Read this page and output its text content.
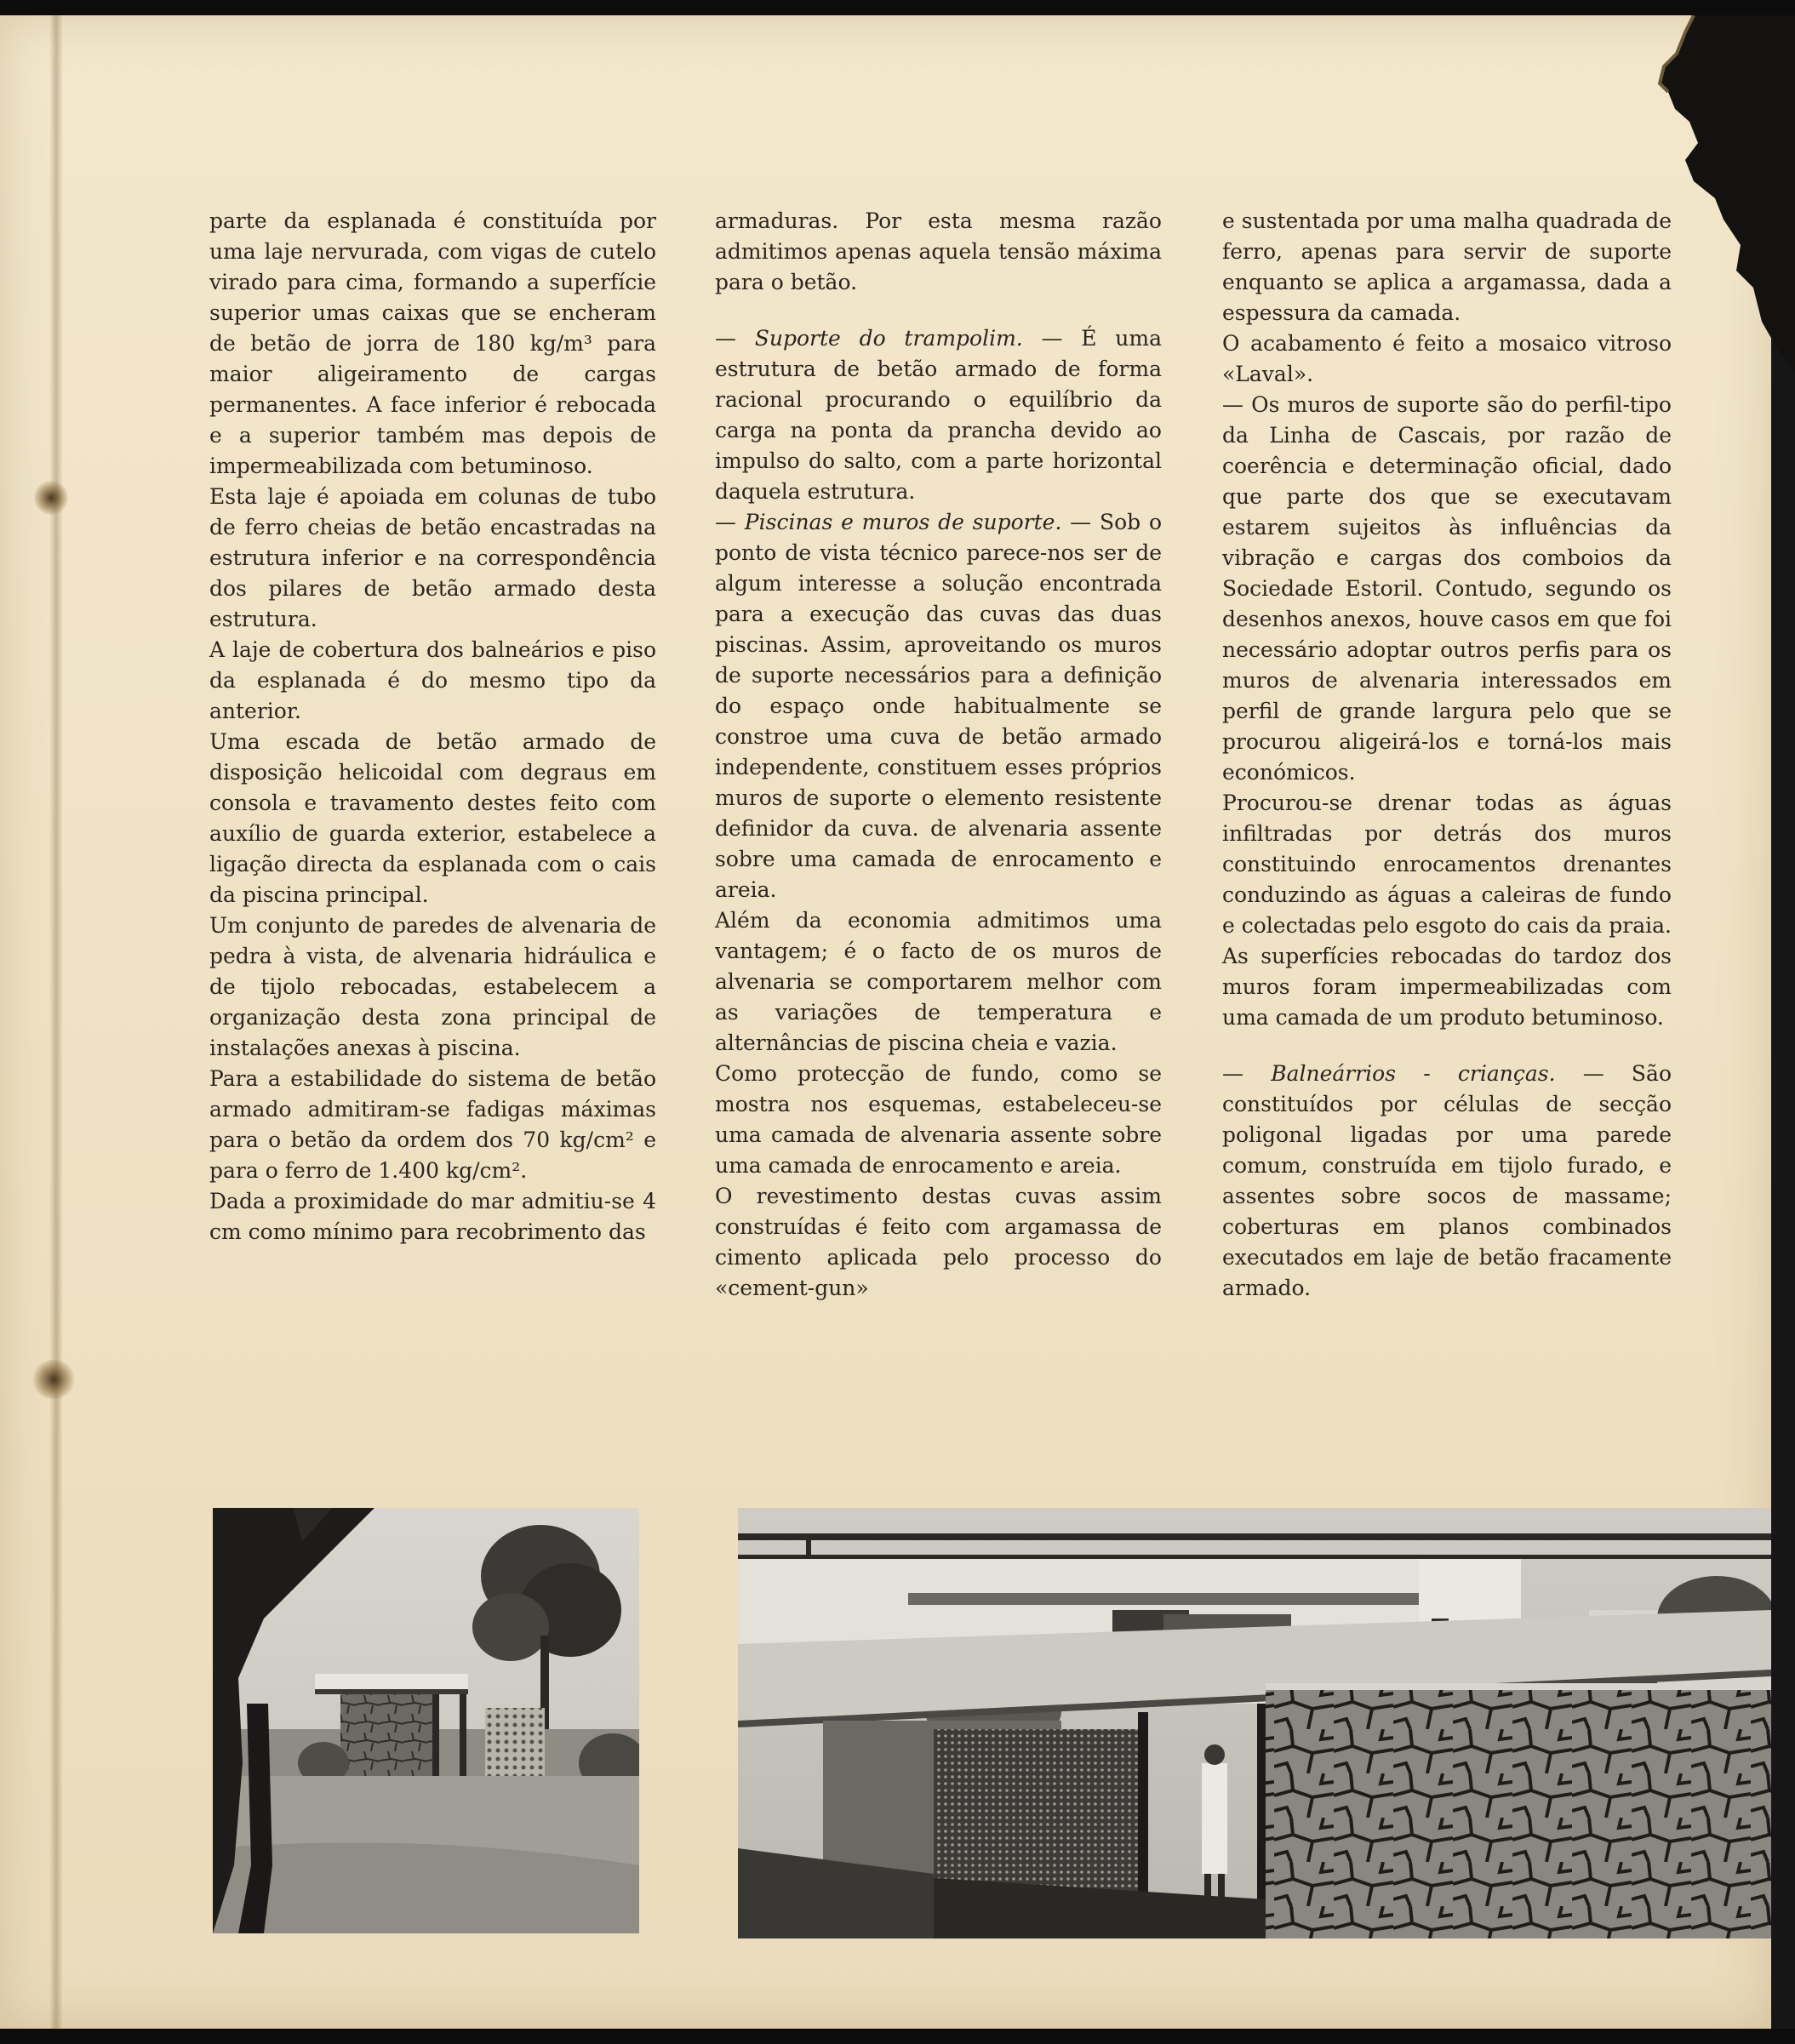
parte da esplanada é constituída por uma laje nervurada, com vigas de cutelo virado para cima, formando a superfície superior umas caixas que se encheram de betão de jorra de 180 kg/m³ para maior aligeiramento de cargas permanentes. A face inferior é rebocada e a superior também mas depois de impermeabilizada com betuminoso.

Esta laje é apoiada em colunas de tubo de ferro cheias de betão encastradas na estrutura inferior e na correspondência dos pilares de betão armado desta estrutura.

A laje de cobertura dos balneários e piso da esplanada é do mesmo tipo da anterior.

Uma escada de betão armado de disposição helicoidal com degraus em consola e travamento destes feito com auxílio de guarda exterior, estabelece a ligação directa da esplanada com o cais da piscina principal.

Um conjunto de paredes de alvenaria de pedra à vista, de alvenaria hidráulica e de tijolo rebocadas, estabelecem a organização desta zona principal de instalações anexas à piscina.

Para a estabilidade do sistema de betão armado admitiram-se fadigas máximas para o betão da ordem dos 70 kg/cm² e para o ferro de 1.400 kg/cm².

Dada a proximidade do mar admitiu-se 4 cm como mínimo para recobrimento das

armaduras. Por esta mesma razão admitimos apenas aquela tensão máxima para o betão.

— Suporte do trampolim. — É uma estrutura de betão armado de forma racional procurando o equilíbrio da carga na ponta da prancha devido ao impulso do salto, com a parte horizontal daquela estrutura.

— Piscinas e muros de suporte. — Sob o ponto de vista técnico parece-nos ser de algum interesse a solução encontrada para a execução das cuvas das duas piscinas. Assim, aproveitando os muros de suporte necessários para a definição do espaço onde habitualmente se constroe uma cuva de betão armado independente, constituem esses próprios muros de suporte o elemento resistente definidor da cuva. de alvenaria assente sobre uma camada de enrocamento e areia.

Além da economia admitimos uma vantagem; é o facto de os muros de alvenaria se comportarem melhor com as variações de temperatura e alternâncias de piscina cheia e vazia.

Como protecção de fundo, como se mostra nos esquemas, estabeleceu-se uma camada de alvenaria assente sobre uma camada de enrocamento e areia.

O revestimento destas cuvas assim construídas é feito com argamassa de cimento aplicada pelo processo do «cement-gun»

e sustentada por uma malha quadrada de ferro, apenas para servir de suporte enquanto se aplica a argamassa, dada a espessura da camada.

O acabamento é feito a mosaico vitroso «Laval».

— Os muros de suporte são do perfil-tipo da Linha de Cascais, por razão de coerência e determinação oficial, dado que parte dos que se executavam estarem sujeitos às influências da vibração e cargas dos comboios da Sociedade Estoril. Contudo, segundo os desenhos anexos, houve casos em que foi necessário adoptar outros perfis para os muros de alvenaria interessados em perfil de grande largura pelo que se procurou aligeirá-los e torná-los mais económicos.

Procurou-se drenar todas as águas infiltradas por detrás dos muros constituindo enrocamentos drenantes conduzindo as águas a caleiras de fundo e colectadas pelo esgoto do cais da praia. As superfícies rebocadas do tardoz dos muros foram impermeabilizadas com uma camada de um produto betuminoso.

— Balneárrios - crianças. — São constituídos por células de secção poligonal ligadas por uma parede comum, construída em tijolo furado, e assentes sobre socos de massame; coberturas em planos combinados executados em laje de betão fracamente armado.
